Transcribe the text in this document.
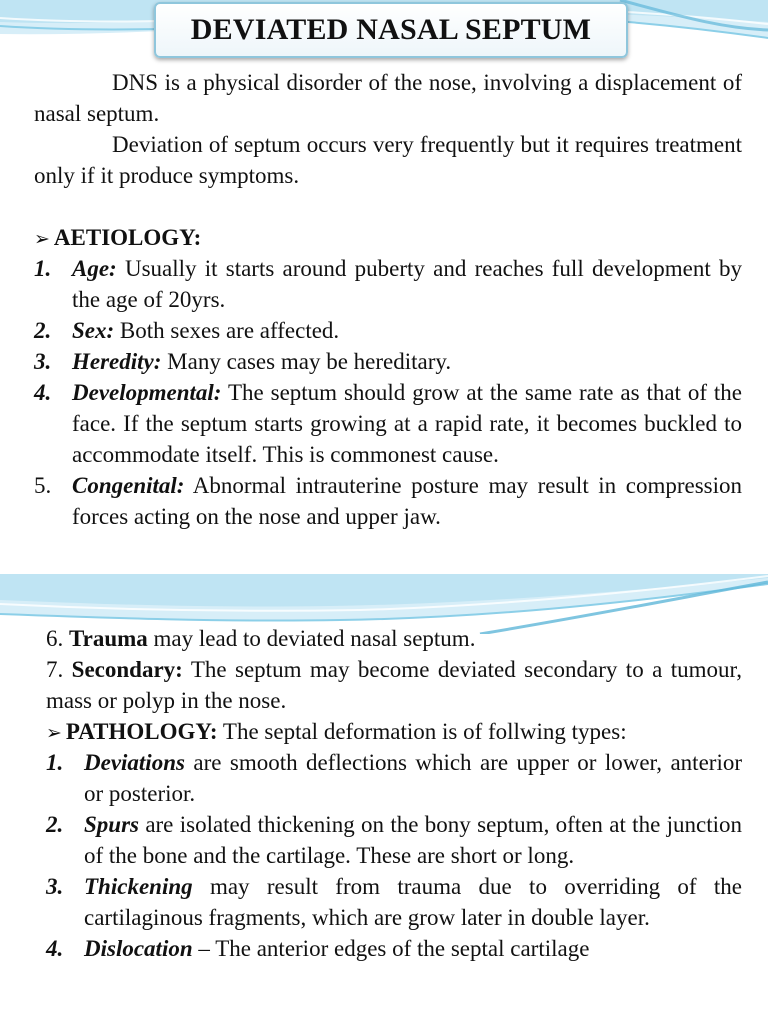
DEVIATED NASAL SEPTUM
DNS is a physical disorder of the nose, involving a displacement of nasal septum.
Deviation of septum occurs very frequently but it requires treatment only if it produce symptoms.
➢ AETIOLOGY:
1. Age: Usually it starts around puberty and reaches full development by the age of 20yrs.
2. Sex: Both sexes are affected.
3. Heredity: Many cases may be hereditary.
4. Developmental: The septum should grow at the same rate as that of the face. If the septum starts growing at a rapid rate, it becomes buckled to accommodate itself. This is commonest cause.
5. Congenital: Abnormal intrauterine posture may result in compression forces acting on the nose and upper jaw.
6. Trauma may lead to deviated nasal septum.
7. Secondary: The septum may become deviated secondary to a tumour, mass or polyp in the nose.
➢ PATHOLOGY: The septal deformation is of follwing types:
1. Deviations are smooth deflections which are upper or lower, anterior or posterior.
2. Spurs are isolated thickening on the bony septum, often at the junction of the bone and the cartilage. These are short or long.
3. Thickening may result from trauma due to overriding of the cartilaginous fragments, which are grow later in double layer.
4. Dislocation – The anterior edges of the septal cartilage
